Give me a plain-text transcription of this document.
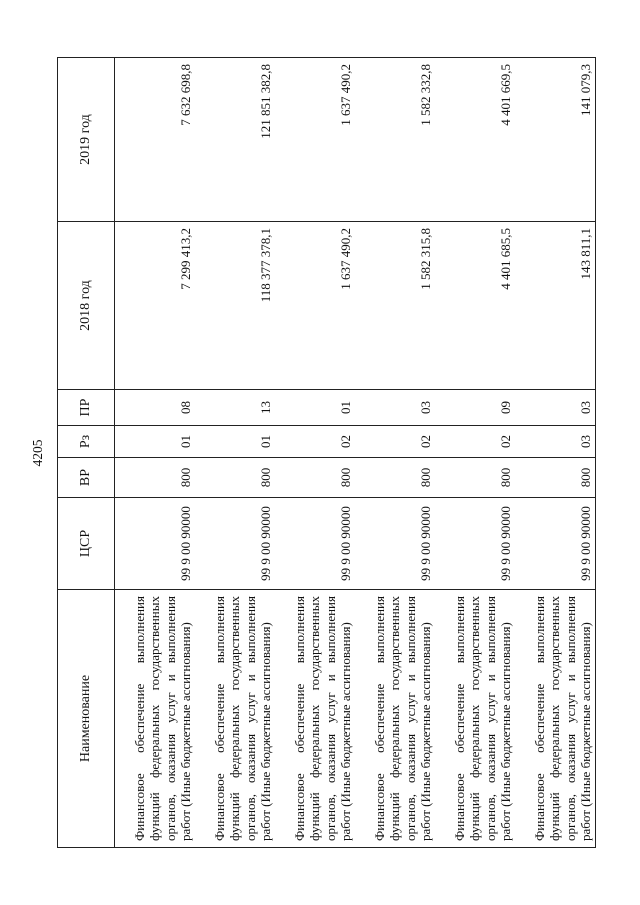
4205
Наименование	ЦСР	ВР	Рз	ПР	2018 год	2019 год
Финансовое обеспечение выполнения функций федеральных государственных органов, оказания услуг и выполнения работ (Иные бюджетные ассигнования)	99 9 00 90000	800	01	08	7 299 413,2	7 632 698,8
Финансовое обеспечение выполнения функций федеральных государственных органов, оказания услуг и выполнения работ (Иные бюджетные ассигнования)	99 9 00 90000	800	01	13	118 377 378,1	121 851 382,8
Финансовое обеспечение выполнения функций федеральных государственных органов, оказания услуг и выполнения работ (Иные бюджетные ассигнования)	99 9 00 90000	800	02	01	1 637 490,2	1 637 490,2
Финансовое обеспечение выполнения функций федеральных государственных органов, оказания услуг и выполнения работ (Иные бюджетные ассигнования)	99 9 00 90000	800	02	03	1 582 315,8	1 582 332,8
Финансовое обеспечение выполнения функций федеральных государственных органов, оказания услуг и выполнения работ (Иные бюджетные ассигнования)	99 9 00 90000	800	02	09	4 401 685,5	4 401 669,5
Финансовое обеспечение выполнения функций федеральных государственных органов, оказания услуг и выполнения работ (Иные бюджетные ассигнования)	99 9 00 90000	800	03	03	143 811,1	141 079,3
